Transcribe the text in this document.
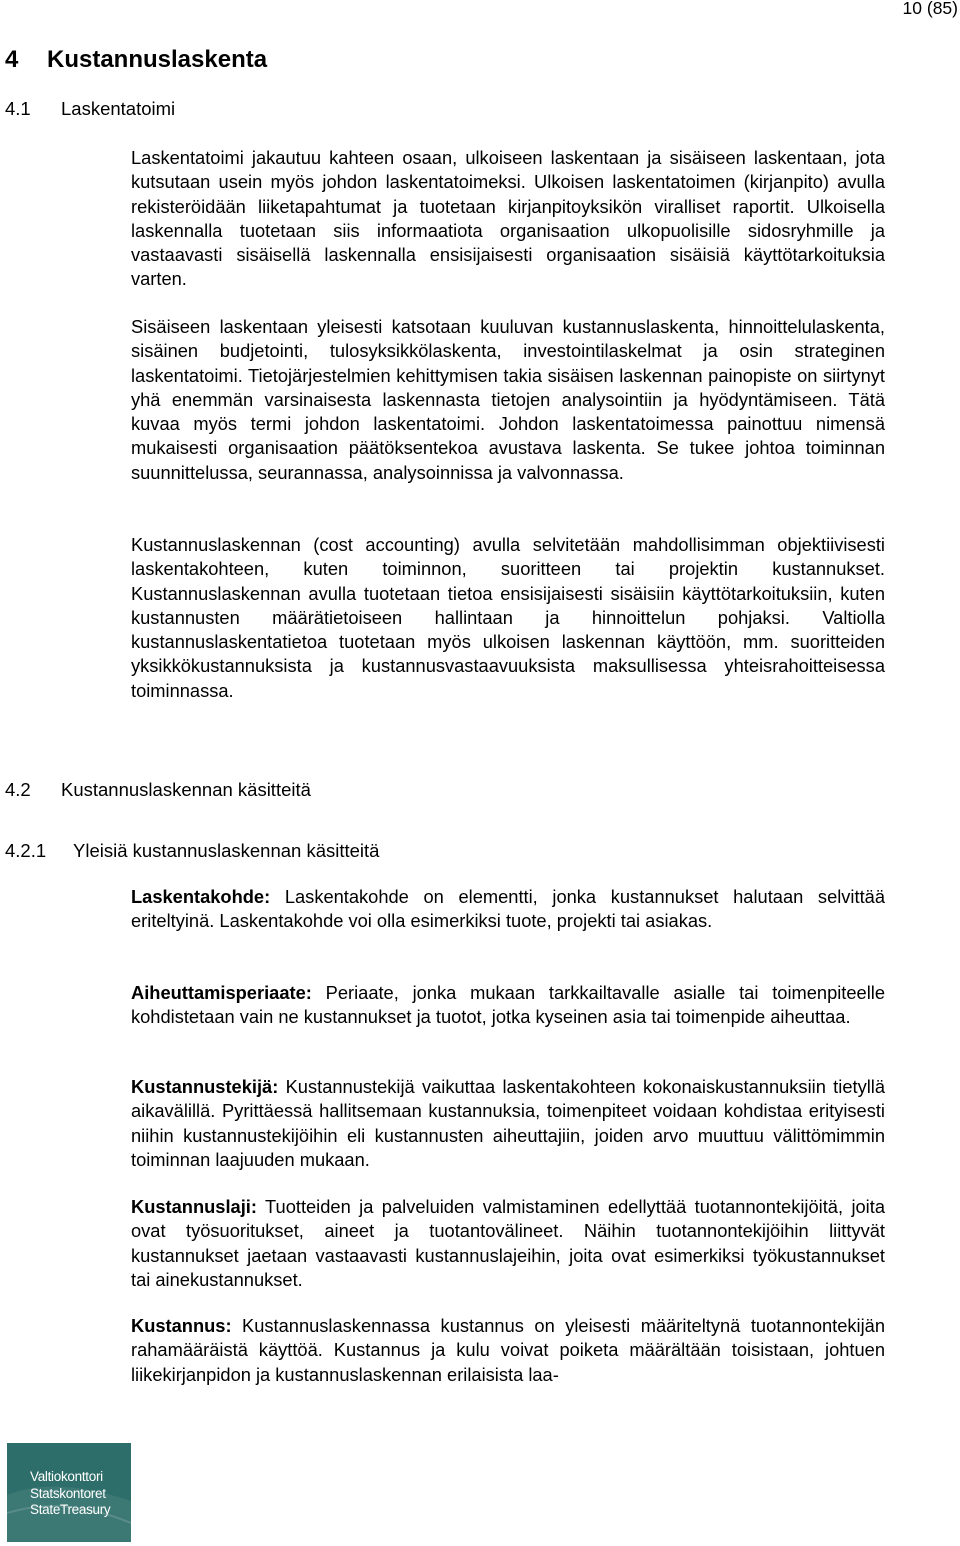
10 (85)
4 Kustannuslaskenta
4.1 Laskentatoimi

Laskentatoimi jakautuu kahteen osaan, ulkoiseen laskentaan ja sisäiseen laskentaan, jota kutsutaan usein myös johdon laskentatoimeksi. Ulkoisen laskentatoimen (kirjanpito) avulla rekisteröidään liiketapahtumat ja tuotetaan kirjanpitoyksikön viralliset raportit. Ulkoisella laskennalla tuotetaan siis informaatiota organisaation ulkopuolisille sidosryhmille ja vastaavasti sisäisellä laskennalla ensisijaisesti organisaation sisäisiä käyttötarkoituksia varten.

Sisäiseen laskentaan yleisesti katsotaan kuuluvan kustannuslaskenta, hinnoittelulaskenta, sisäinen budjetointi, tulosyksikkölaskenta, investointilaskelmat ja osin strateginen laskentatoimi. Tietojärjestelmien kehittymisen takia sisäisen laskennan painopiste on siirtynyt yhä enemmän varsinaisesta laskennasta tietojen analysointiin ja hyödyntämiseen. Tätä kuvaa myös termi johdon laskentatoimi. Johdon laskentatoimessa painottuu nimensä mukaisesti organisaation päätöksentekoa avustava laskenta. Se tukee johtoa toiminnan suunnittelussa, seurannassa, analysoinnissa ja valvonnassa.

Kustannuslaskennan (cost accounting) avulla selvitetään mahdollisimman objektiivisesti laskentakohteen, kuten toiminnon, suoritteen tai projektin kustannukset. Kustannuslaskennan avulla tuotetaan tietoa ensisijaisesti sisäisiin käyttötarkoituksiin, kuten kustannusten määrätietoiseen hallintaan ja hinnoittelun pohjaksi. Valtiolla kustannuslaskentatietoa tuotetaan myös ulkoisen laskennan käyttöön, mm. suoritteiden yksikkökustannuksista ja kustannusvastaavuuksista maksullisessa yhteisrahoitteisessa toiminnassa.

4.2 Kustannuslaskennan käsitteitä
4.2.1 Yleisiä kustannuslaskennan käsitteitä

Laskentakohde: Laskentakohde on elementti, jonka kustannukset halutaan selvittää eriteltyinä. Laskentakohde voi olla esimerkiksi tuote, projekti tai asiakas.

Aiheuttamisperiaate: Periaate, jonka mukaan tarkkailtavalle asialle tai toimenpiteelle kohdistetaan vain ne kustannukset ja tuotot, jotka kyseinen asia tai toimenpide aiheuttaa.

Kustannustekijä: Kustannustekijä vaikuttaa laskentakohteen kokonaiskustannuksiin tietyllä aikavälillä. Pyrittäessä hallitsemaan kustannuksia, toimenpiteet voidaan kohdistaa erityisesti niihin kustannustekijöihin eli kustannusten aiheuttajiin, joiden arvo muuttuu välittömimmin toiminnan laajuuden mukaan.

Kustannuslaji: Tuotteiden ja palveluiden valmistaminen edellyttää tuotannontekijöitä, joita ovat työsuoritukset, aineet ja tuotantovälineet. Näihin tuotannontekijöihin liittyvät kustannukset jaetaan vastaavasti kustannuslajeihin, joita ovat esimerkiksi työkustannukset tai ainekustannukset.

Kustannus: Kustannuslaskennassa kustannus on yleisesti määriteltynä tuotannontekijän rahamääräistä käyttöä. Kustannus ja kulu voivat poiketa määrältään toisistaan, johtuen liikekirjanpidon ja kustannuslaskennan erilaisista laa-

Valtiokonttori
Statskontoret
StateTreasury
